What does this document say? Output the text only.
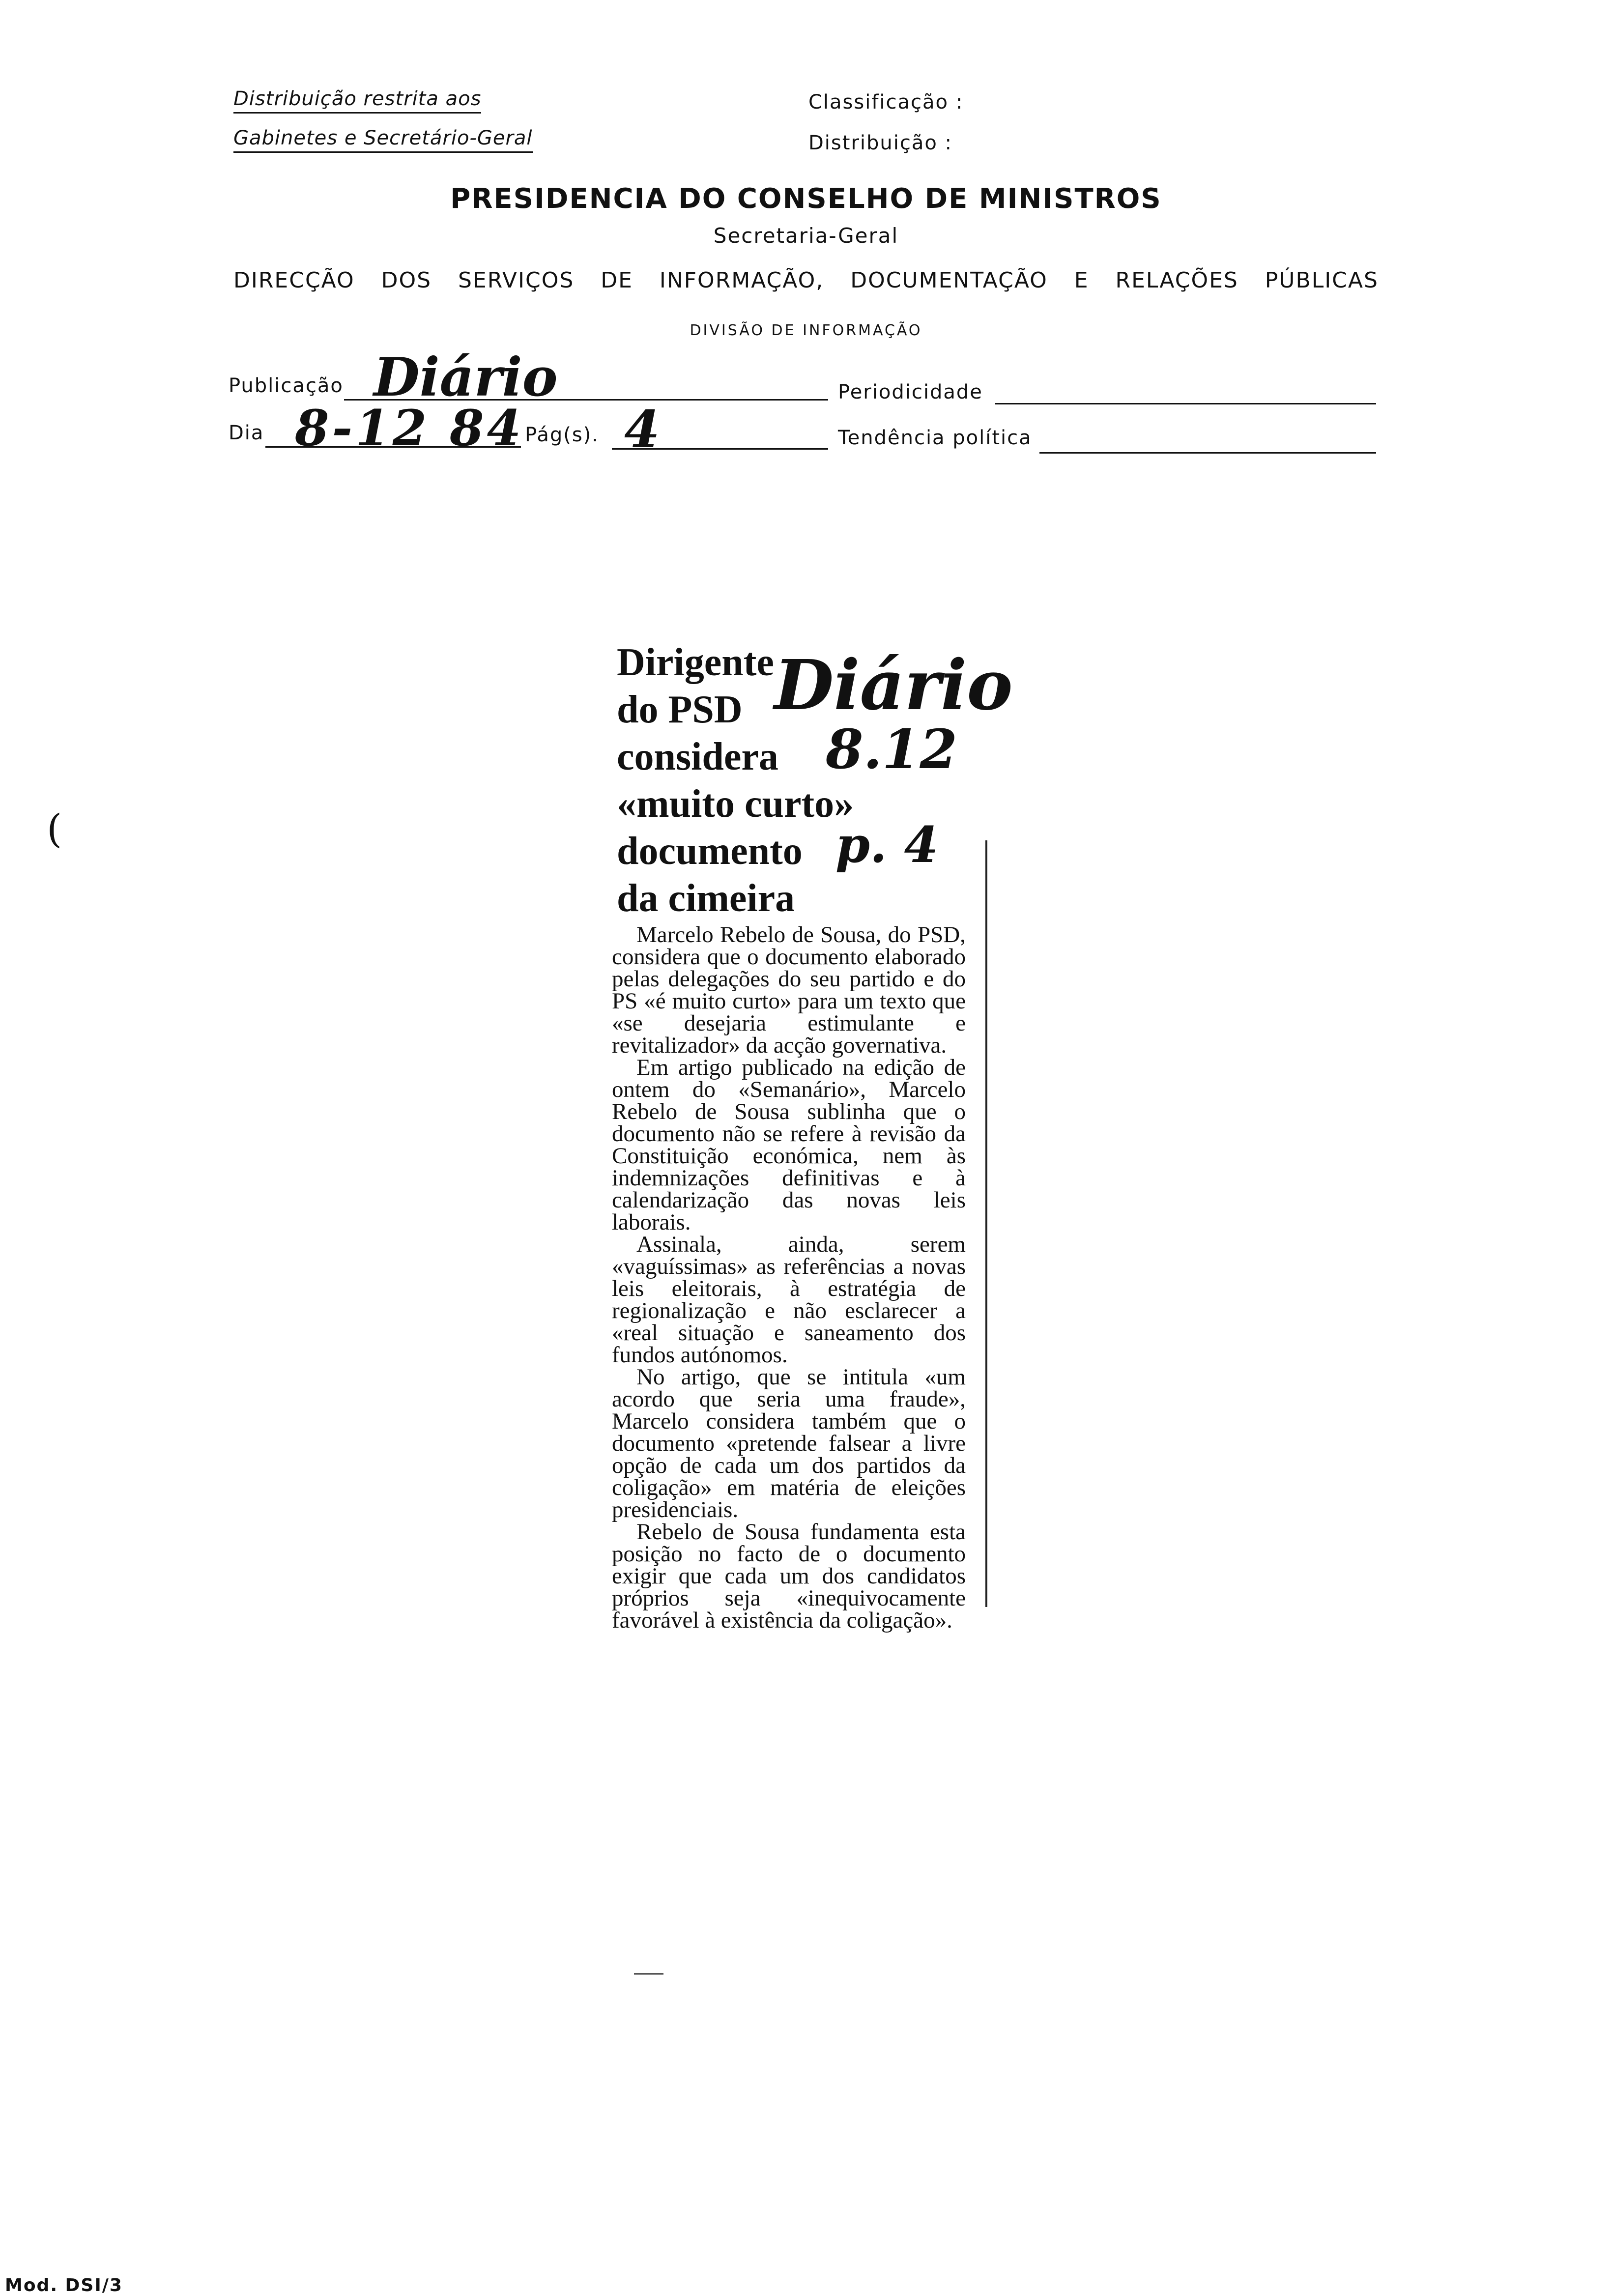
Distribuição restrita aos
Gabinetes e Secretário-Geral
Classificação :
Distribuição :
PRESIDENCIA DO CONSELHO DE MINISTROS
Secretaria-Geral
DIRECÇÃO DOS SERVIÇOS DE INFORMAÇÃO, DOCUMENTAÇÃO E RELAÇÕES PÚBLICAS
DIVISÃO DE INFORMAÇÃO
Publicação Diário	Periodicidade
Dia 8-12 84 Pág(s). 4	Tendência política
(
Dirigente
do PSD
considera
«muito curto»
documento
da cimeira
Diário
8.12
p. 4

Marcelo Rebelo de Sousa, do PSD, considera que o documento elaborado pelas delegações do seu partido e do PS «é muito curto» para um texto que «se desejaria estimulante e revitalizador» da acção governativa.

Em artigo publicado na edição de ontem do «Semanário», Marcelo Rebelo de Sousa sublinha que o documento não se refere à revisão da Constituição económica, nem às indemnizações definitivas e à calendarização das novas leis laborais.

Assinala, ainda, serem «vaguíssimas» as referências a novas leis eleitorais, à estratégia de regionalização e não esclarecer a «real situação e saneamento dos fundos autónomos.

No artigo, que se intitula «um acordo que seria uma fraude», Marcelo considera também que o documento «pretende falsear a livre opção de cada um dos partidos da coligação» em matéria de eleições presidenciais.

Rebelo de Sousa fundamenta esta posição no facto de o documento exigir que cada um dos candidatos próprios seja «inequivocamente favorável à existência da coligação».

Mod. DSI/3
